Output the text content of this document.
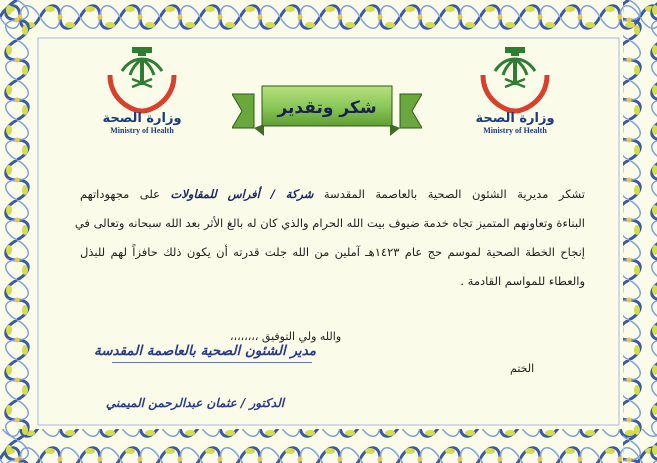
وزارة الصحة
Ministry of Health
وزارة الصحة
Ministry of Health
شكر وتقدير
تشكر مديرية الشئون الصحية بالعاصمة المقدسة شركة / أفراس للمقاولات على مجهوداتهم
البناءة وتعاونهم المتميز تجاه خدمة ضيوف بيت الله الحرام والذي كان له بالغ الأثر بعد الله سبحانه وتعالى في
إنجاح الخطة الصحية لموسم حج عام ١٤٢٣هـ آملين من الله جلت قدرته أن يكون ذلك حافزاً لهم للبذل
والعطاء للمواسم القادمة .
والله ولي التوفيق ،،،،،،،،
مدير الشئون الصحية بالعاصمة المقدسة
الختم
الدكتور / عثمان عبدالرحمن الميمني
